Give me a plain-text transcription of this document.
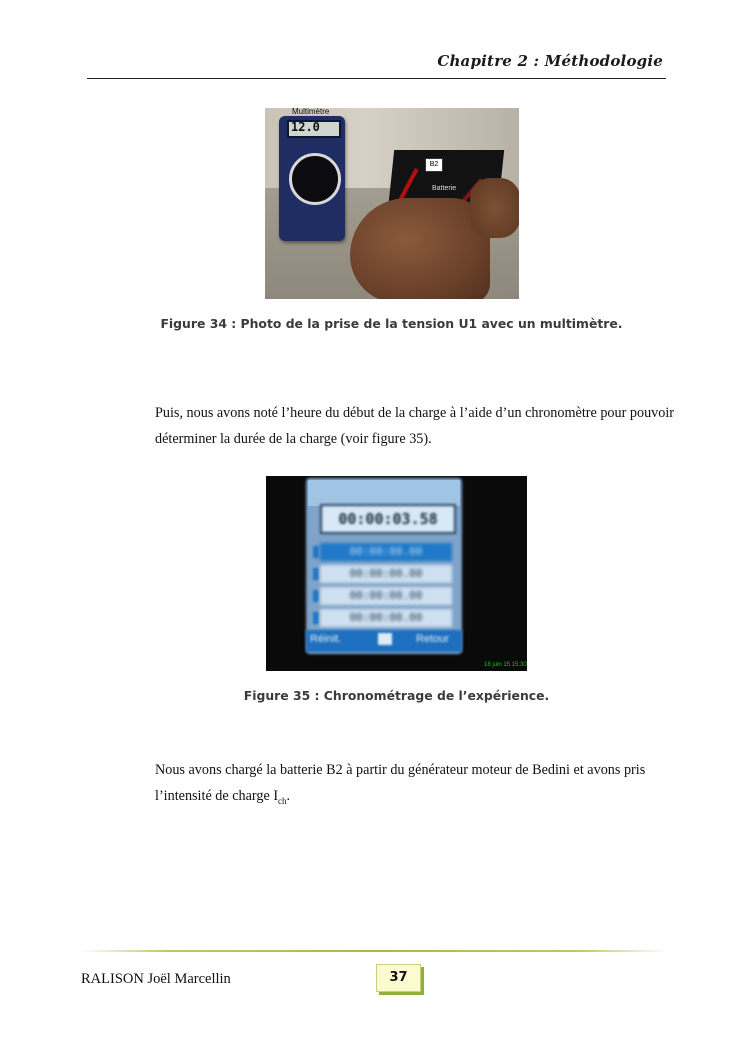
Chapitre 2 : Méthodologie
B2
Batterie
Multimètre
12.0
Figure 34 : Photo de la prise de la tension U1 avec un multimètre.
Puis, nous avons noté l’heure du début de la charge à l’aide d’un chronomètre pour pouvoir déterminer la durée de la charge (voir figure 35).
00:00:03.58
00:00:00.00
00:00:00.00
00:00:00.00
00:00:00.00
Réinit.	Retour
18 juin 15 15:30
Figure 35 : Chronométrage de l’expérience.
Nous avons chargé la batterie B2 à partir du générateur moteur de Bedini et avons pris l’intensité de charge $I_{ch}$.
RALISON Joël Marcellin	37
